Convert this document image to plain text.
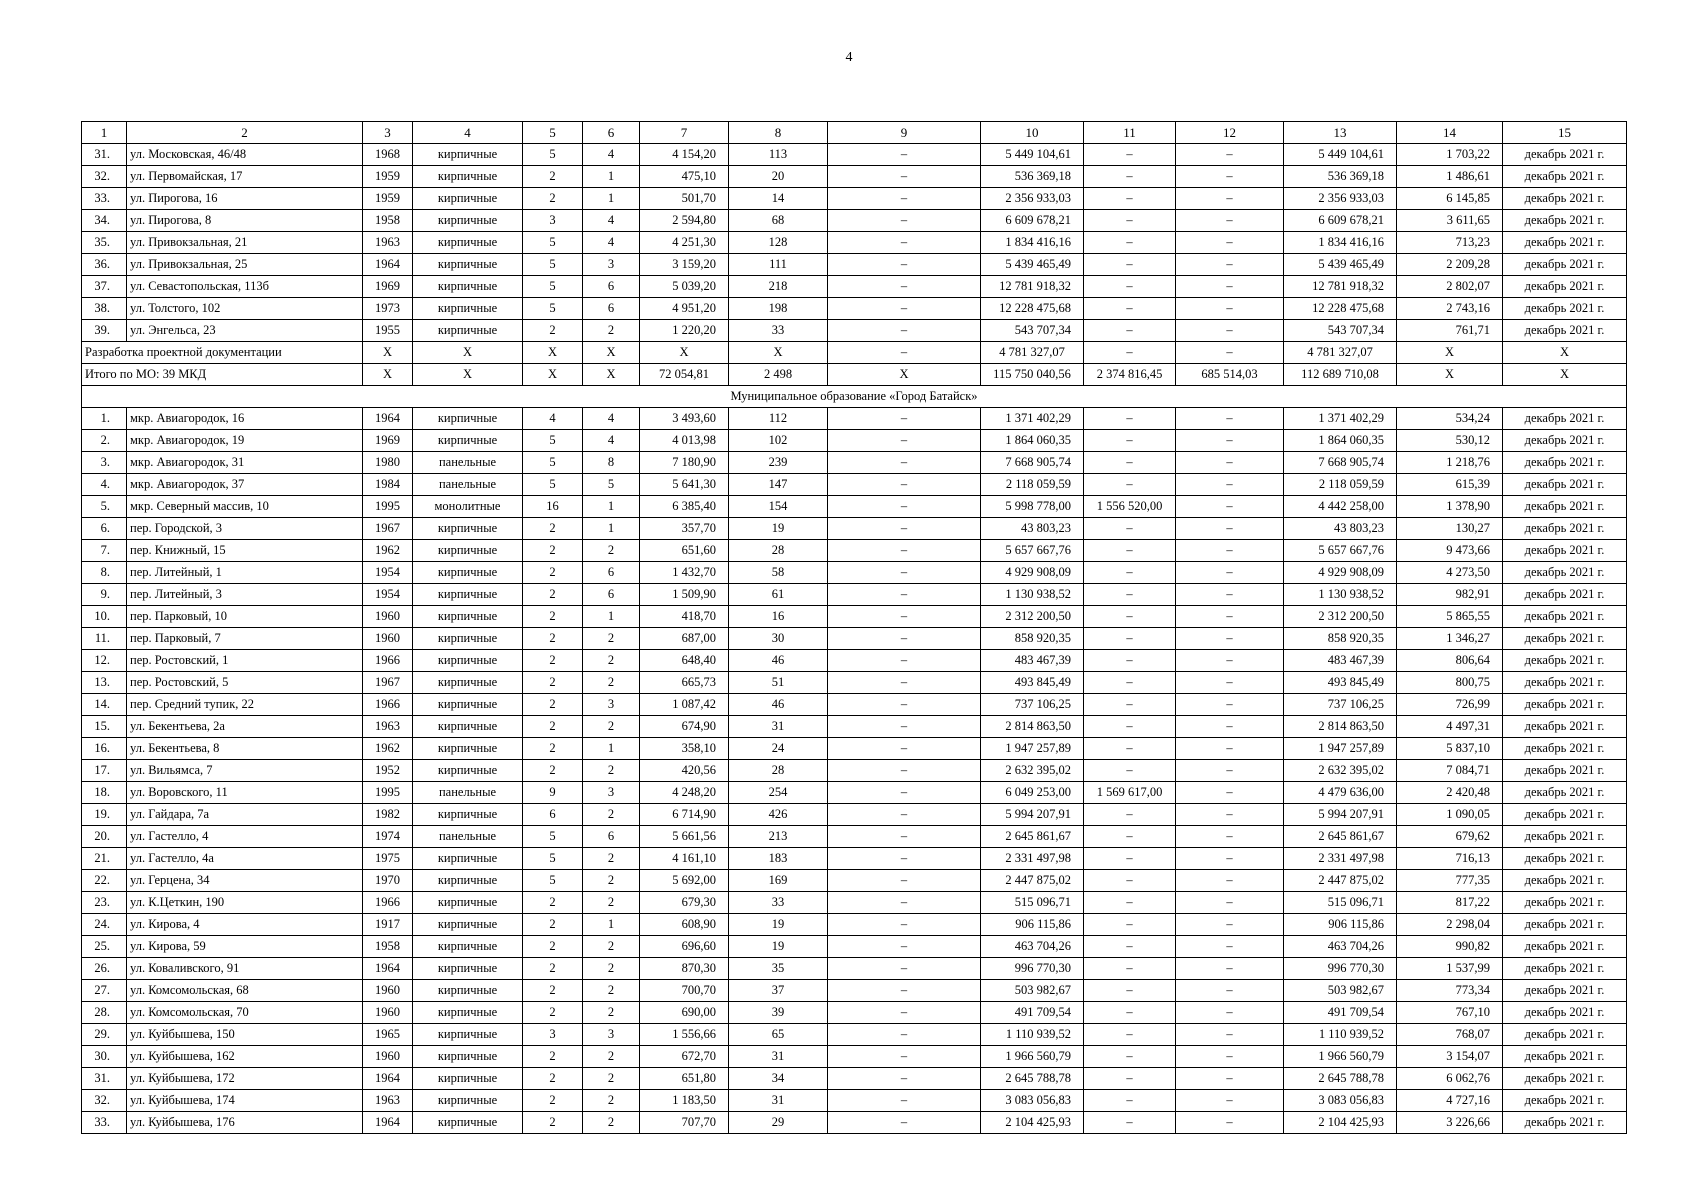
4
1	2	3	4	5	6	7	8	9	10	11	12	13	14	15
31.	ул. Московская, 46/48	1968	кирпичные	5	4	4 154,20	113	–	5 449 104,61	–	–	5 449 104,61	1 703,22	декабрь 2021 г.
32.	ул. Первомайская, 17	1959	кирпичные	2	1	475,10	20	–	536 369,18	–	–	536 369,18	1 486,61	декабрь 2021 г.
33.	ул. Пирогова, 16	1959	кирпичные	2	1	501,70	14	–	2 356 933,03	–	–	2 356 933,03	6 145,85	декабрь 2021 г.
34.	ул. Пирогова, 8	1958	кирпичные	3	4	2 594,80	68	–	6 609 678,21	–	–	6 609 678,21	3 611,65	декабрь 2021 г.
35.	ул. Привокзальная, 21	1963	кирпичные	5	4	4 251,30	128	–	1 834 416,16	–	–	1 834 416,16	713,23	декабрь 2021 г.
36.	ул. Привокзальная, 25	1964	кирпичные	5	3	3 159,20	111	–	5 439 465,49	–	–	5 439 465,49	2 209,28	декабрь 2021 г.
37.	ул. Севастопольская, 113б	1969	кирпичные	5	6	5 039,20	218	–	12 781 918,32	–	–	12 781 918,32	2 802,07	декабрь 2021 г.
38.	ул. Толстого, 102	1973	кирпичные	5	6	4 951,20	198	–	12 228 475,68	–	–	12 228 475,68	2 743,16	декабрь 2021 г.
39.	ул. Энгельса, 23	1955	кирпичные	2	2	1 220,20	33	–	543 707,34	–	–	543 707,34	761,71	декабрь 2021 г.
Разработка проектной документации		Х	Х	Х	Х	Х	Х	–	4 781 327,07	–	–	4 781 327,07	Х	Х
Итого по МО: 39 МКД		Х	Х	Х	Х	72 054,81	2 498	Х	115 750 040,56	2 374 816,45	685 514,03	112 689 710,08	Х	Х
Муниципальное образование «Город Батайск»														
1.	мкр. Авиагородок, 16	1964	кирпичные	4	4	3 493,60	112	–	1 371 402,29	–	–	1 371 402,29	534,24	декабрь 2021 г.
2.	мкр. Авиагородок, 19	1969	кирпичные	5	4	4 013,98	102	–	1 864 060,35	–	–	1 864 060,35	530,12	декабрь 2021 г.
3.	мкр. Авиагородок, 31	1980	панельные	5	8	7 180,90	239	–	7 668 905,74	–	–	7 668 905,74	1 218,76	декабрь 2021 г.
4.	мкр. Авиагородок, 37	1984	панельные	5	5	5 641,30	147	–	2 118 059,59	–	–	2 118 059,59	615,39	декабрь 2021 г.
5.	мкр. Северный массив, 10	1995	монолитные	16	1	6 385,40	154	–	5 998 778,00	1 556 520,00	–	4 442 258,00	1 378,90	декабрь 2021 г.
6.	пер. Городской, 3	1967	кирпичные	2	1	357,70	19	–	43 803,23	–	–	43 803,23	130,27	декабрь 2021 г.
7.	пер. Книжный, 15	1962	кирпичные	2	2	651,60	28	–	5 657 667,76	–	–	5 657 667,76	9 473,66	декабрь 2021 г.
8.	пер. Литейный, 1	1954	кирпичные	2	6	1 432,70	58	–	4 929 908,09	–	–	4 929 908,09	4 273,50	декабрь 2021 г.
9.	пер. Литейный, 3	1954	кирпичные	2	6	1 509,90	61	–	1 130 938,52	–	–	1 130 938,52	982,91	декабрь 2021 г.
10.	пер. Парковый, 10	1960	кирпичные	2	1	418,70	16	–	2 312 200,50	–	–	2 312 200,50	5 865,55	декабрь 2021 г.
11.	пер. Парковый, 7	1960	кирпичные	2	2	687,00	30	–	858 920,35	–	–	858 920,35	1 346,27	декабрь 2021 г.
12.	пер. Ростовский, 1	1966	кирпичные	2	2	648,40	46	–	483 467,39	–	–	483 467,39	806,64	декабрь 2021 г.
13.	пер. Ростовский, 5	1967	кирпичные	2	2	665,73	51	–	493 845,49	–	–	493 845,49	800,75	декабрь 2021 г.
14.	пер. Средний тупик, 22	1966	кирпичные	2	3	1 087,42	46	–	737 106,25	–	–	737 106,25	726,99	декабрь 2021 г.
15.	ул. Бекентьева, 2а	1963	кирпичные	2	2	674,90	31	–	2 814 863,50	–	–	2 814 863,50	4 497,31	декабрь 2021 г.
16.	ул. Бекентьева, 8	1962	кирпичные	2	1	358,10	24	–	1 947 257,89	–	–	1 947 257,89	5 837,10	декабрь 2021 г.
17.	ул. Вильямса, 7	1952	кирпичные	2	2	420,56	28	–	2 632 395,02	–	–	2 632 395,02	7 084,71	декабрь 2021 г.
18.	ул. Воровского, 11	1995	панельные	9	3	4 248,20	254	–	6 049 253,00	1 569 617,00	–	4 479 636,00	2 420,48	декабрь 2021 г.
19.	ул. Гайдара, 7а	1982	кирпичные	6	2	6 714,90	426	–	5 994 207,91	–	–	5 994 207,91	1 090,05	декабрь 2021 г.
20.	ул. Гастелло, 4	1974	панельные	5	6	5 661,56	213	–	2 645 861,67	–	–	2 645 861,67	679,62	декабрь 2021 г.
21.	ул. Гастелло, 4а	1975	кирпичные	5	2	4 161,10	183	–	2 331 497,98	–	–	2 331 497,98	716,13	декабрь 2021 г.
22.	ул. Герцена, 34	1970	кирпичные	5	2	5 692,00	169	–	2 447 875,02	–	–	2 447 875,02	777,35	декабрь 2021 г.
23.	ул. К.Цеткин, 190	1966	кирпичные	2	2	679,30	33	–	515 096,71	–	–	515 096,71	817,22	декабрь 2021 г.
24.	ул. Кирова, 4	1917	кирпичные	2	1	608,90	19	–	906 115,86	–	–	906 115,86	2 298,04	декабрь 2021 г.
25.	ул. Кирова, 59	1958	кирпичные	2	2	696,60	19	–	463 704,26	–	–	463 704,26	990,82	декабрь 2021 г.
26.	ул. Коваливского, 91	1964	кирпичные	2	2	870,30	35	–	996 770,30	–	–	996 770,30	1 537,99	декабрь 2021 г.
27.	ул. Комсомольская, 68	1960	кирпичные	2	2	700,70	37	–	503 982,67	–	–	503 982,67	773,34	декабрь 2021 г.
28.	ул. Комсомольская, 70	1960	кирпичные	2	2	690,00	39	–	491 709,54	–	–	491 709,54	767,10	декабрь 2021 г.
29.	ул. Куйбышева, 150	1965	кирпичные	3	3	1 556,66	65	–	1 110 939,52	–	–	1 110 939,52	768,07	декабрь 2021 г.
30.	ул. Куйбышева, 162	1960	кирпичные	2	2	672,70	31	–	1 966 560,79	–	–	1 966 560,79	3 154,07	декабрь 2021 г.
31.	ул. Куйбышева, 172	1964	кирпичные	2	2	651,80	34	–	2 645 788,78	–	–	2 645 788,78	6 062,76	декабрь 2021 г.
32.	ул. Куйбышева, 174	1963	кирпичные	2	2	1 183,50	31	–	3 083 056,83	–	–	3 083 056,83	4 727,16	декабрь 2021 г.
33.	ул. Куйбышева, 176	1964	кирпичные	2	2	707,70	29	–	2 104 425,93	–	–	2 104 425,93	3 226,66	декабрь 2021 г.
